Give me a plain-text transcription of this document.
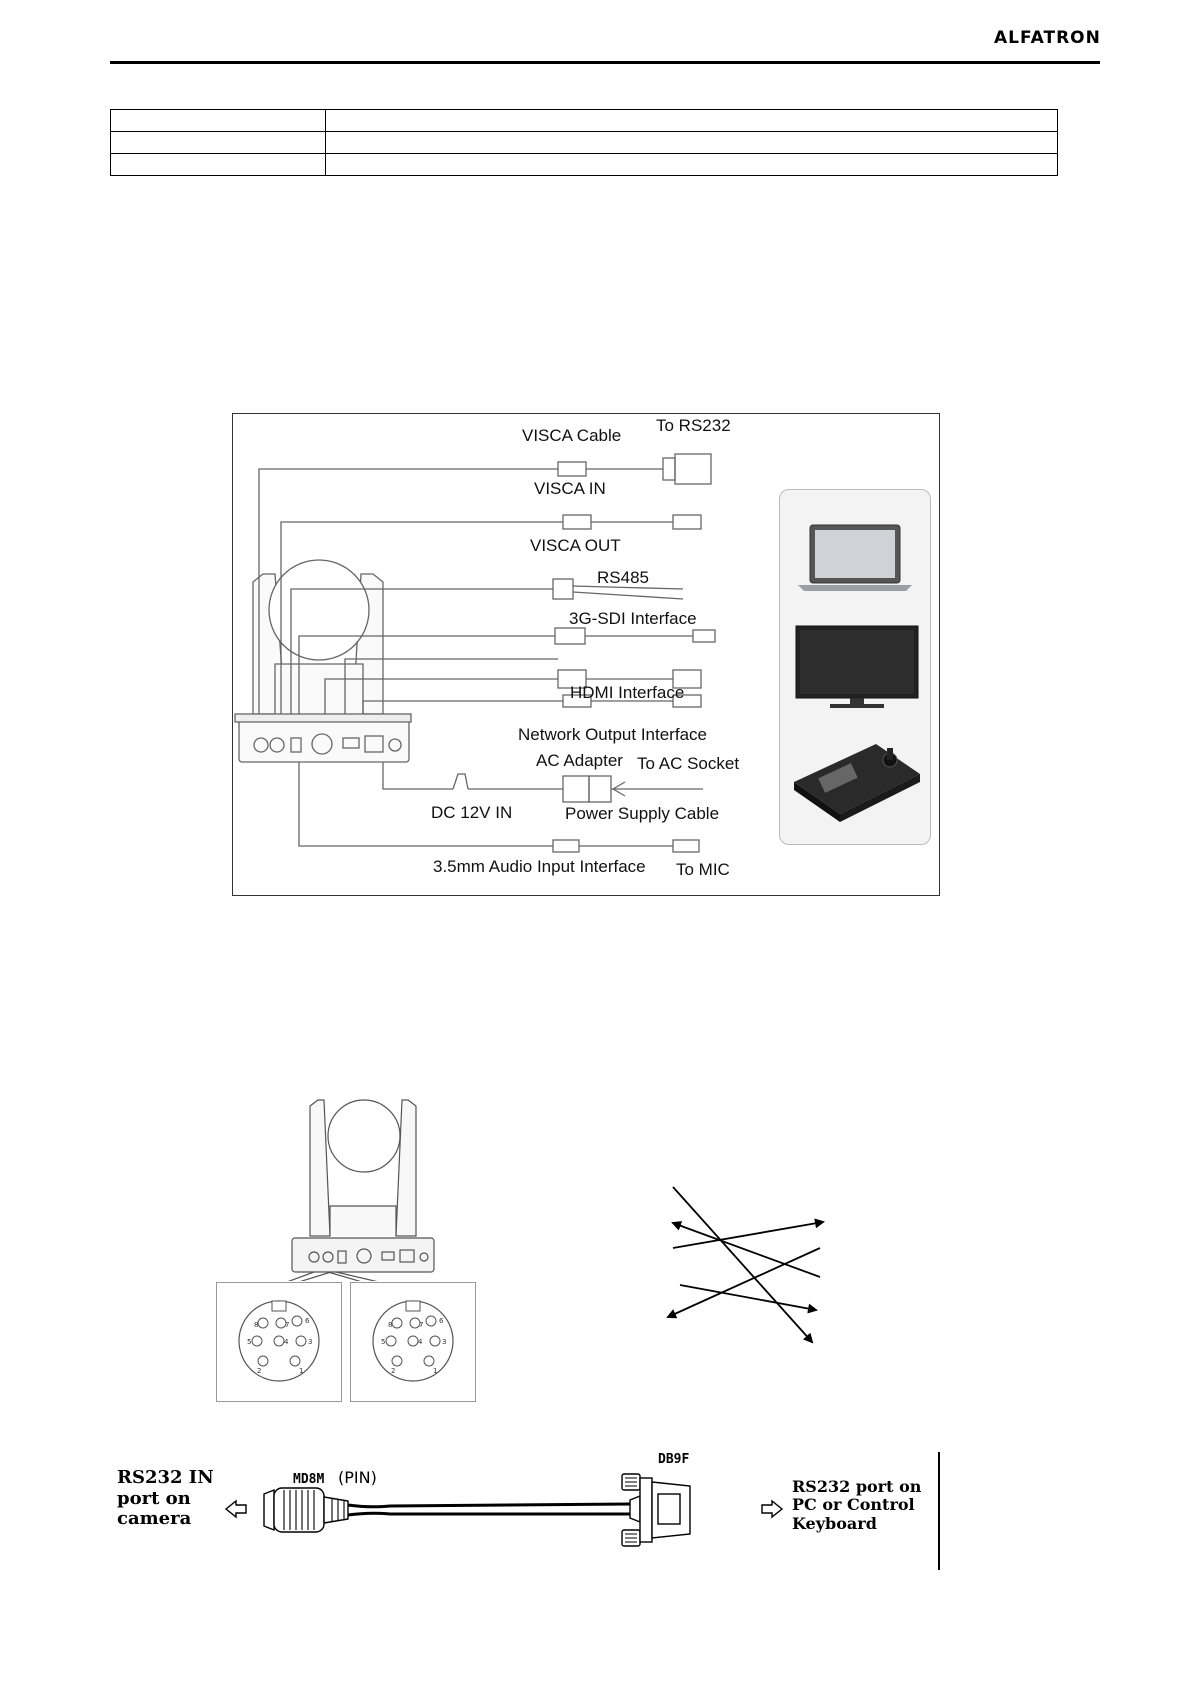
ALFATRON

VISCA Cable
To RS232
VISCA IN
VISCA OUT
RS485
3G-SDI Interface
HDMI Interface
Network Output Interface
AC Adapter To AC Socket
DC 12V IN	Power Supply Cable
3.5mm Audio Input Interface To MIC
6
7
8
5	4	3
2	1
6
7
8
5	4	3
2	1
RS232 IN
port on
camera
MD8M (PIN)
DB9F
RS232 port on
PC or Control
Keyboard
